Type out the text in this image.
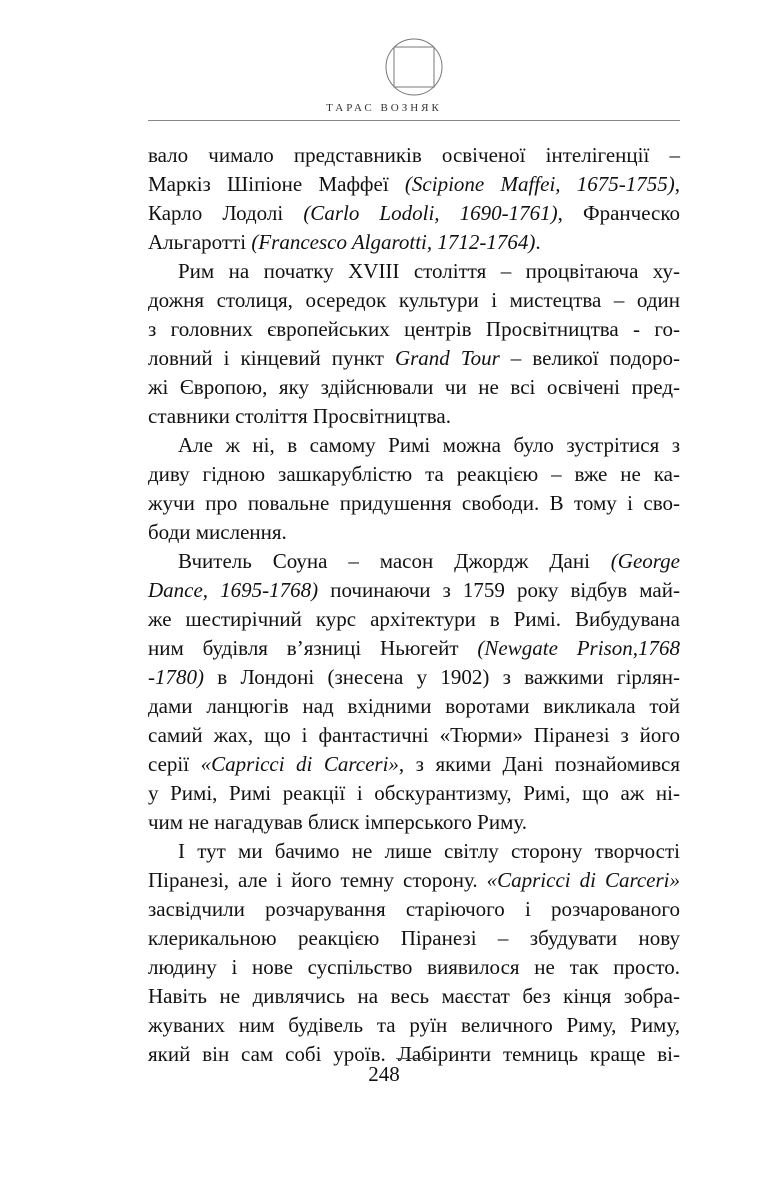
ТАРАС ВОЗНЯК
вало чимало представників освіченої інтелігенції –
Маркіз Шіпіоне Маффеї (Scipione Maffei, 1675-1755),
Карло Лодолі (Carlo Lodoli, 1690-1761), Франческо
Альгаротті (Francesco Algarotti, 1712-1764).
Рим на початку XVIII століття – процвітаюча ху-
дожня столиця, осередок культури і мистецтва – один
з головних європейських центрів Просвітництва - го-
ловний і кінцевий пункт Grand Tour – великої подоро-
жі Європою, яку здійснювали чи не всі освічені пред-
ставники століття Просвітництва.
Але ж ні, в самому Римі можна було зустрітися з
диву гідною зашкарублістю та реакцією – вже не ка-
жучи про повальне придушення свободи. В тому і сво-
боди мислення.
Вчитель Соуна – масон Джордж Дані (George
Dance, 1695-1768) починаючи з 1759 року відбув май-
же шестирічний курс архітектури в Римі. Вибудувана
ним будівля в’язниці Ньюгейт (Newgate Prison,1768
-1780) в Лондоні (знесена у 1902) з важкими гірлян-
дами ланцюгів над вхідними воротами викликала той
самий жах, що і фантастичні «Тюрми» Піранезі з його
серії «Capricci di Carceri», з якими Дані познайомився
у Римі, Римі реакції і обскурантизму, Римі, що аж ні-
чим не нагадував блиск імперського Риму.
І тут ми бачимо не лише світлу сторону творчості
Піранезі, але і його темну сторону. «Capricci di Carceri»
засвідчили розчарування старіючого і розчарованого
клерикальною реакцією Піранезі – збудувати нову
людину і нове суспільство виявилося не так просто.
Навіть не дивлячись на весь маєстат без кінця зобра-
жуваних ним будівель та руїн величного Риму, Риму,
який він сам собі уроїв. Лабіринти темниць краще ві-
248
